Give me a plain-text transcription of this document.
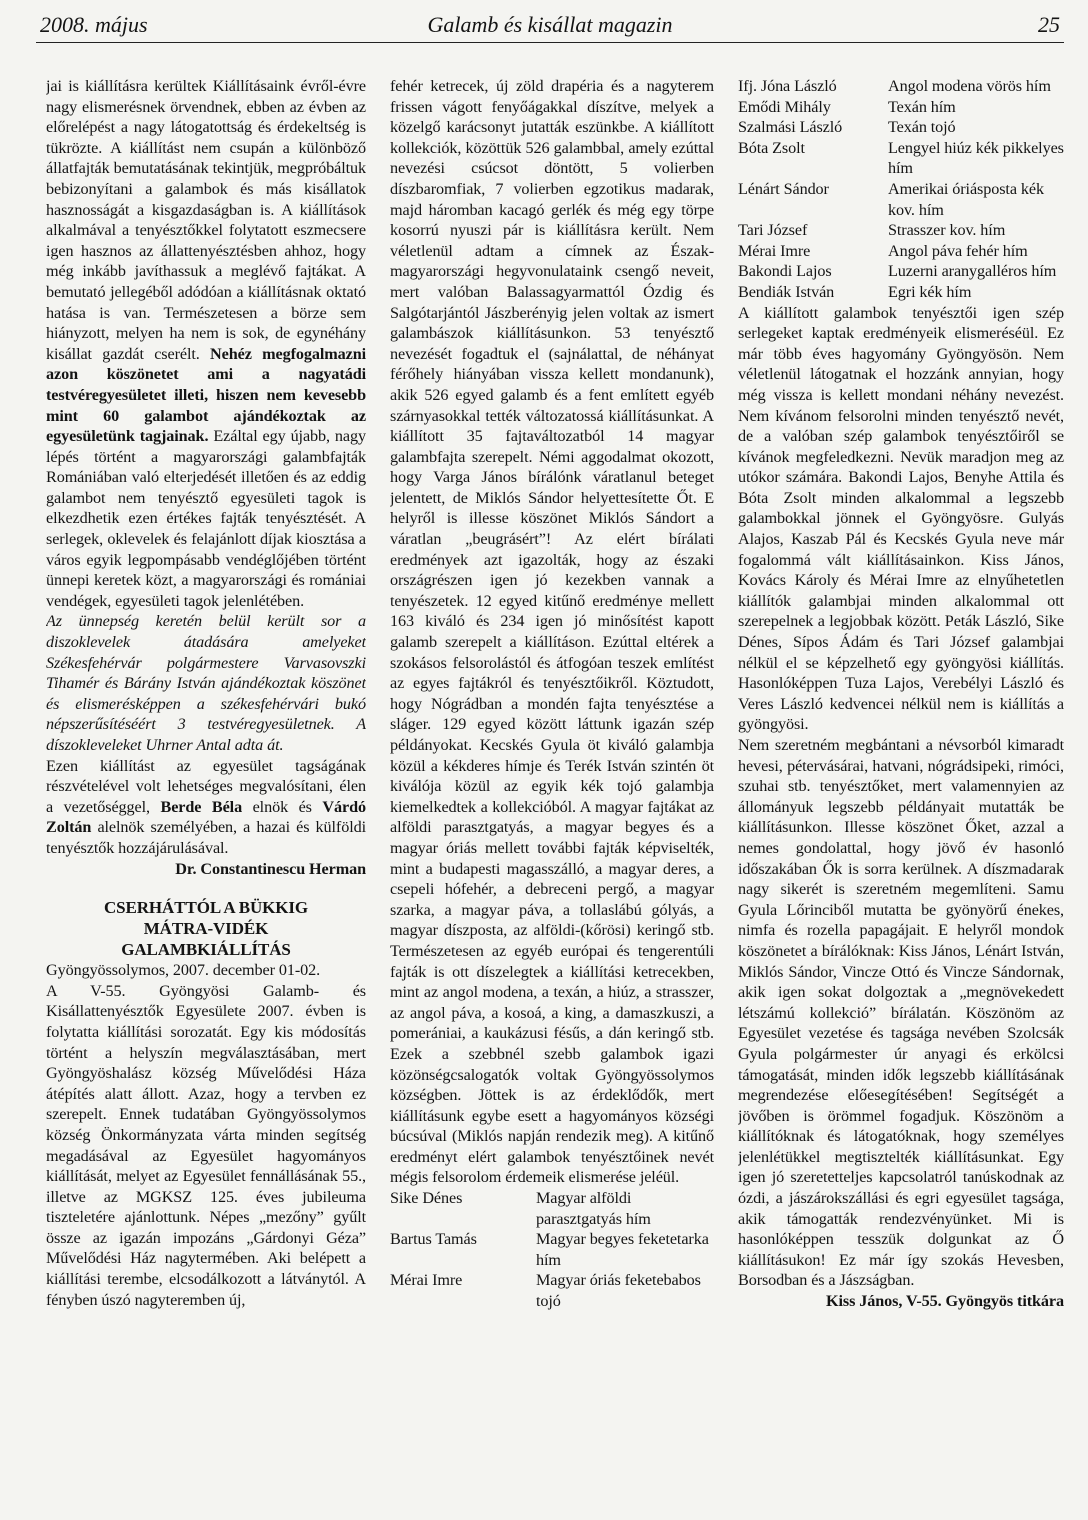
2008. május	Galamb és kisállat magazin	25

jai is kiállításra kerültek Kiállításaink évről-évre nagy elismerésnek örvendnek, ebben az évben az előrelépést a nagy látogatottság és érdekeltség is tükrözte. A kiállítást nem csupán a különböző állatfajták bemutatásának tekintjük, megpróbáltuk bebizonyítani a galambok és más kisállatok hasznosságát a kisgazdaságban is. A kiállítások alkalmával a tenyésztőkkel folytatott eszmecsere igen hasznos az állattenyésztésben ahhoz, hogy még inkább javíthassuk a meglévő fajtákat. A bemutató jellegéből adódóan a kiállításnak oktató hatása is van. Természetesen a börze sem hiányzott, melyen ha nem is sok, de egynéhány kisállat gazdát cserélt. Nehéz megfogalmazni azon köszönetet ami a nagyatádi testvéregyesületet illeti, hiszen nem kevesebb mint 60 galambot ajándékoztak az egyesületünk tagjainak. Ezáltal egy újabb, nagy lépés történt a magyarországi galambfajták Romániában való elterjedését illetően és az eddig galambot nem tenyésztő egyesületi tagok is elkezdhetik ezen értékes fajták tenyésztését. A serlegek, oklevelek és felajánlott díjak kiosztása a város egyik legpompásabb vendéglőjében történt ünnepi keretek közt, a magyarországi és romániai vendégek, egyesületi tagok jelenlétében.

Az ünnepség keretén belül került sor a diszoklevelek átadására amelyeket Székesfehérvár polgármestere Varvasovszki Tihamér és Bárány István ajándékoztak köszönet és elismerésképpen a székesfehérvári bukó népszerűsítéséért 3 testvéregyesületnek. A díszokleveleket Uhrner Antal adta át.

Ezen kiállítást az egyesület tagságának részvételével volt lehetséges megvalósítani, élen a vezetőséggel, Berde Béla elnök és Várdó Zoltán alelnök személyében, a hazai és külföldi tenyésztők hozzájárulásával.

Dr. Constantinescu Herman

CSERHÁTTÓL A BÜKKIG
MÁTRA-VIDÉK
GALAMBKIÁLLÍTÁS

Gyöngyössolymos, 2007. december 01-02.

A V-55. Gyöngyösi Galamb- és Kisállattenyésztők Egyesülete 2007. évben is folytatta kiállítási sorozatát. Egy kis módosítás történt a helyszín megválasztásában, mert Gyöngyöshalász község Művelődési Háza átépítés alatt állott. Azaz, hogy a tervben ez szerepelt. Ennek tudatában Gyöngyössolymos község Önkormányzata várta minden segítség megadásával az Egyesület hagyományos kiállítását, melyet az Egyesület fennállásának 55., illetve az MGKSZ 125. éves jubileuma tiszteletére ajánlottunk. Népes „mezőny” gyűlt össze az igazán impozáns „Gárdonyi Géza” Művelődési Ház nagytermében. Aki belépett a kiállítási terembe, elcsodálkozott a látványtól. A fényben úszó nagyteremben új,

fehér ketrecek, új zöld drapéria és a nagyterem frissen vágott fenyőágakkal díszítve, melyek a közelgő karácsonyt jutatták eszünkbe. A kiállított kollekciók, közöttük 526 galambbal, amely ezúttal nevezési csúcsot döntött, 5 volierben díszbaromfiak, 7 volierben egzotikus madarak, majd háromban kacagó gerlék és még egy törpe kosorrú nyuszi pár is kiállításra került. Nem véletlenül adtam a címnek az Észak-magyarországi hegyvonulataink csengő neveit, mert valóban Balassagyarmattól Ózdig és Salgótarjántól Jászberényig jelen voltak az ismert galambászok kiállításunkon. 53 tenyésztő nevezését fogadtuk el (sajnálattal, de néhányat férőhely hiányában vissza kellett mondanunk), akik 526 egyed galamb és a fent említett egyéb szárnyasokkal tették változatossá kiállításunkat. A kiállított 35 fajtaváltozatból 14 magyar galambfajta szerepelt. Némi aggodalmat okozott, hogy Varga János bírálónk váratlanul beteget jelentett, de Miklós Sándor helyettesítette Őt. E helyről is illesse köszönet Miklós Sándort a váratlan „beugrásért”! Az elért bírálati eredmények azt igazolták, hogy az északi országrészen igen jó kezekben vannak a tenyészetek. 12 egyed kitűnő eredménye mellett 163 kiváló és 234 igen jó minősítést kapott galamb szerepelt a kiállításon. Ezúttal eltérek a szokásos felsorolástól és átfogóan teszek említést az egyes fajtákról és tenyésztőikről. Köztudott, hogy Nógrádban a mondén fajta tenyésztése a sláger. 129 egyed között láttunk igazán szép példányokat. Kecskés Gyula öt kiváló galambja közül a kékderes hímje és Terék István szintén öt kiválója közül az egyik kék tojó galambja kiemelkedtek a kollekcióból. A magyar fajtákat az alföldi parasztgatyás, a magyar begyes és a magyar óriás mellett további fajták képviselték, mint a budapesti magasszálló, a magyar deres, a csepeli hófehér, a debreceni pergő, a magyar szarka, a magyar páva, a tollaslábú gólyás, a magyar díszposta, az alföldi-(kőrösi) keringő stb. Természetesen az egyéb európai és tengerentúli fajták is ott díszelegtek a kiállítási ketrecekben, mint az angol modena, a texán, a hiúz, a strasszer, az angol páva, a kosoá, a king, a damaszkuszi, a pomerániai, a kaukázusi fésűs, a dán keringő stb. Ezek a szebbnél szebb galambok igazi közönségcsalogatók voltak Gyöngyössolymos községben. Jöttek is az érdeklődők, mert kiállításunk egybe esett a hagyományos községi búcsúval (Miklós napján rendezik meg). A kitűnő eredményt elért galambok tenyésztőinek nevét mégis felsorolom érdemeik elismerése jeléül.

Sike Dénes	Magyar alföldi parasztgatyás hím
Bartus Tamás	Magyar begyes feketetarka hím
Mérai Imre	Magyar óriás feketebabos tojó
Ifj. Jóna László	Angol modena vörös hím
Emődi Mihály	Texán hím
Szalmási László	Texán tojó
Bóta Zsolt	Lengyel hiúz kék pikkelyes hím
Lénárt Sándor	Amerikai óriásposta kék kov. hím
Tari József	Strasszer kov. hím
Mérai Imre	Angol páva fehér hím
Bakondi Lajos	Luzerni aranygalléros hím
Bendiák István	Egri kék hím

A kiállított galambok tenyésztői igen szép serlegeket kaptak eredményeik elismeréséül. Ez már több éves hagyomány Gyöngyösön. Nem véletlenül látogatnak el hozzánk annyian, hogy még vissza is kellett mondani néhány nevezést. Nem kívánom felsorolni minden tenyésztő nevét, de a valóban szép galambok tenyésztőiről se kívánok megfeledkezni. Nevük maradjon meg az utókor számára. Bakondi Lajos, Benyhe Attila és Bóta Zsolt minden alkalommal a legszebb galambokkal jönnek el Gyöngyösre. Gulyás Alajos, Kaszab Pál és Kecskés Gyula neve már fogalommá vált kiállításainkon. Kiss János, Kovács Károly és Mérai Imre az elnyűhetetlen kiállítók galambjai minden alkalommal ott szerepelnek a legjobbak között. Peták László, Sike Dénes, Sípos Ádám és Tari József galambjai nélkül el se képzelhető egy gyöngyösi kiállítás. Hasonlóképpen Tuza Lajos, Verebélyi László és Veres László kedvencei nélkül nem is kiállítás a gyöngyösi.

Nem szeretném megbántani a névsorból kimaradt hevesi, pétervásárai, hatvani, nógrádsipeki, rimóci, szuhai stb. tenyésztőket, mert valamennyien az állományuk legszebb példányait mutatták be kiállításunkon. Illesse köszönet Őket, azzal a nemes gondolattal, hogy jövő év hasonló időszakában Ők is sorra kerülnek. A díszmadarak nagy sikerét is szeretném megemlíteni. Samu Gyula Lőrinciből mutatta be gyönyörű énekes, nimfa és rozella papagájait. E helyről mondok köszönetet a bírálóknak: Kiss János, Lénárt István, Miklós Sándor, Vincze Ottó és Vincze Sándornak, akik igen sokat dolgoztak a „megnövekedett létszámú kollekció” bírálatán. Köszönöm az Egyesület vezetése és tagsága nevében Szolcsák Gyula polgármester úr anyagi és erkölcsi támogatását, minden idők legszebb kiállításának megrendezése előesegítésében! Segítségét a jövőben is örömmel fogadjuk. Köszönöm a kiállítóknak és látogatóknak, hogy személyes jelenlétükkel megtisztelték kiállításunkat. Egy igen jó szeretetteljes kapcsolatról tanúskodnak az ózdi, a jászárokszállási és egri egyesület tagsága, akik támogatták rendezvényünket. Mi is hasonlóképpen tesszük dolgunkat az Ő kiállításukon! Ez már így szokás Hevesben, Borsodban és a Jászságban.

Kiss János, V-55. Gyöngyös titkára
